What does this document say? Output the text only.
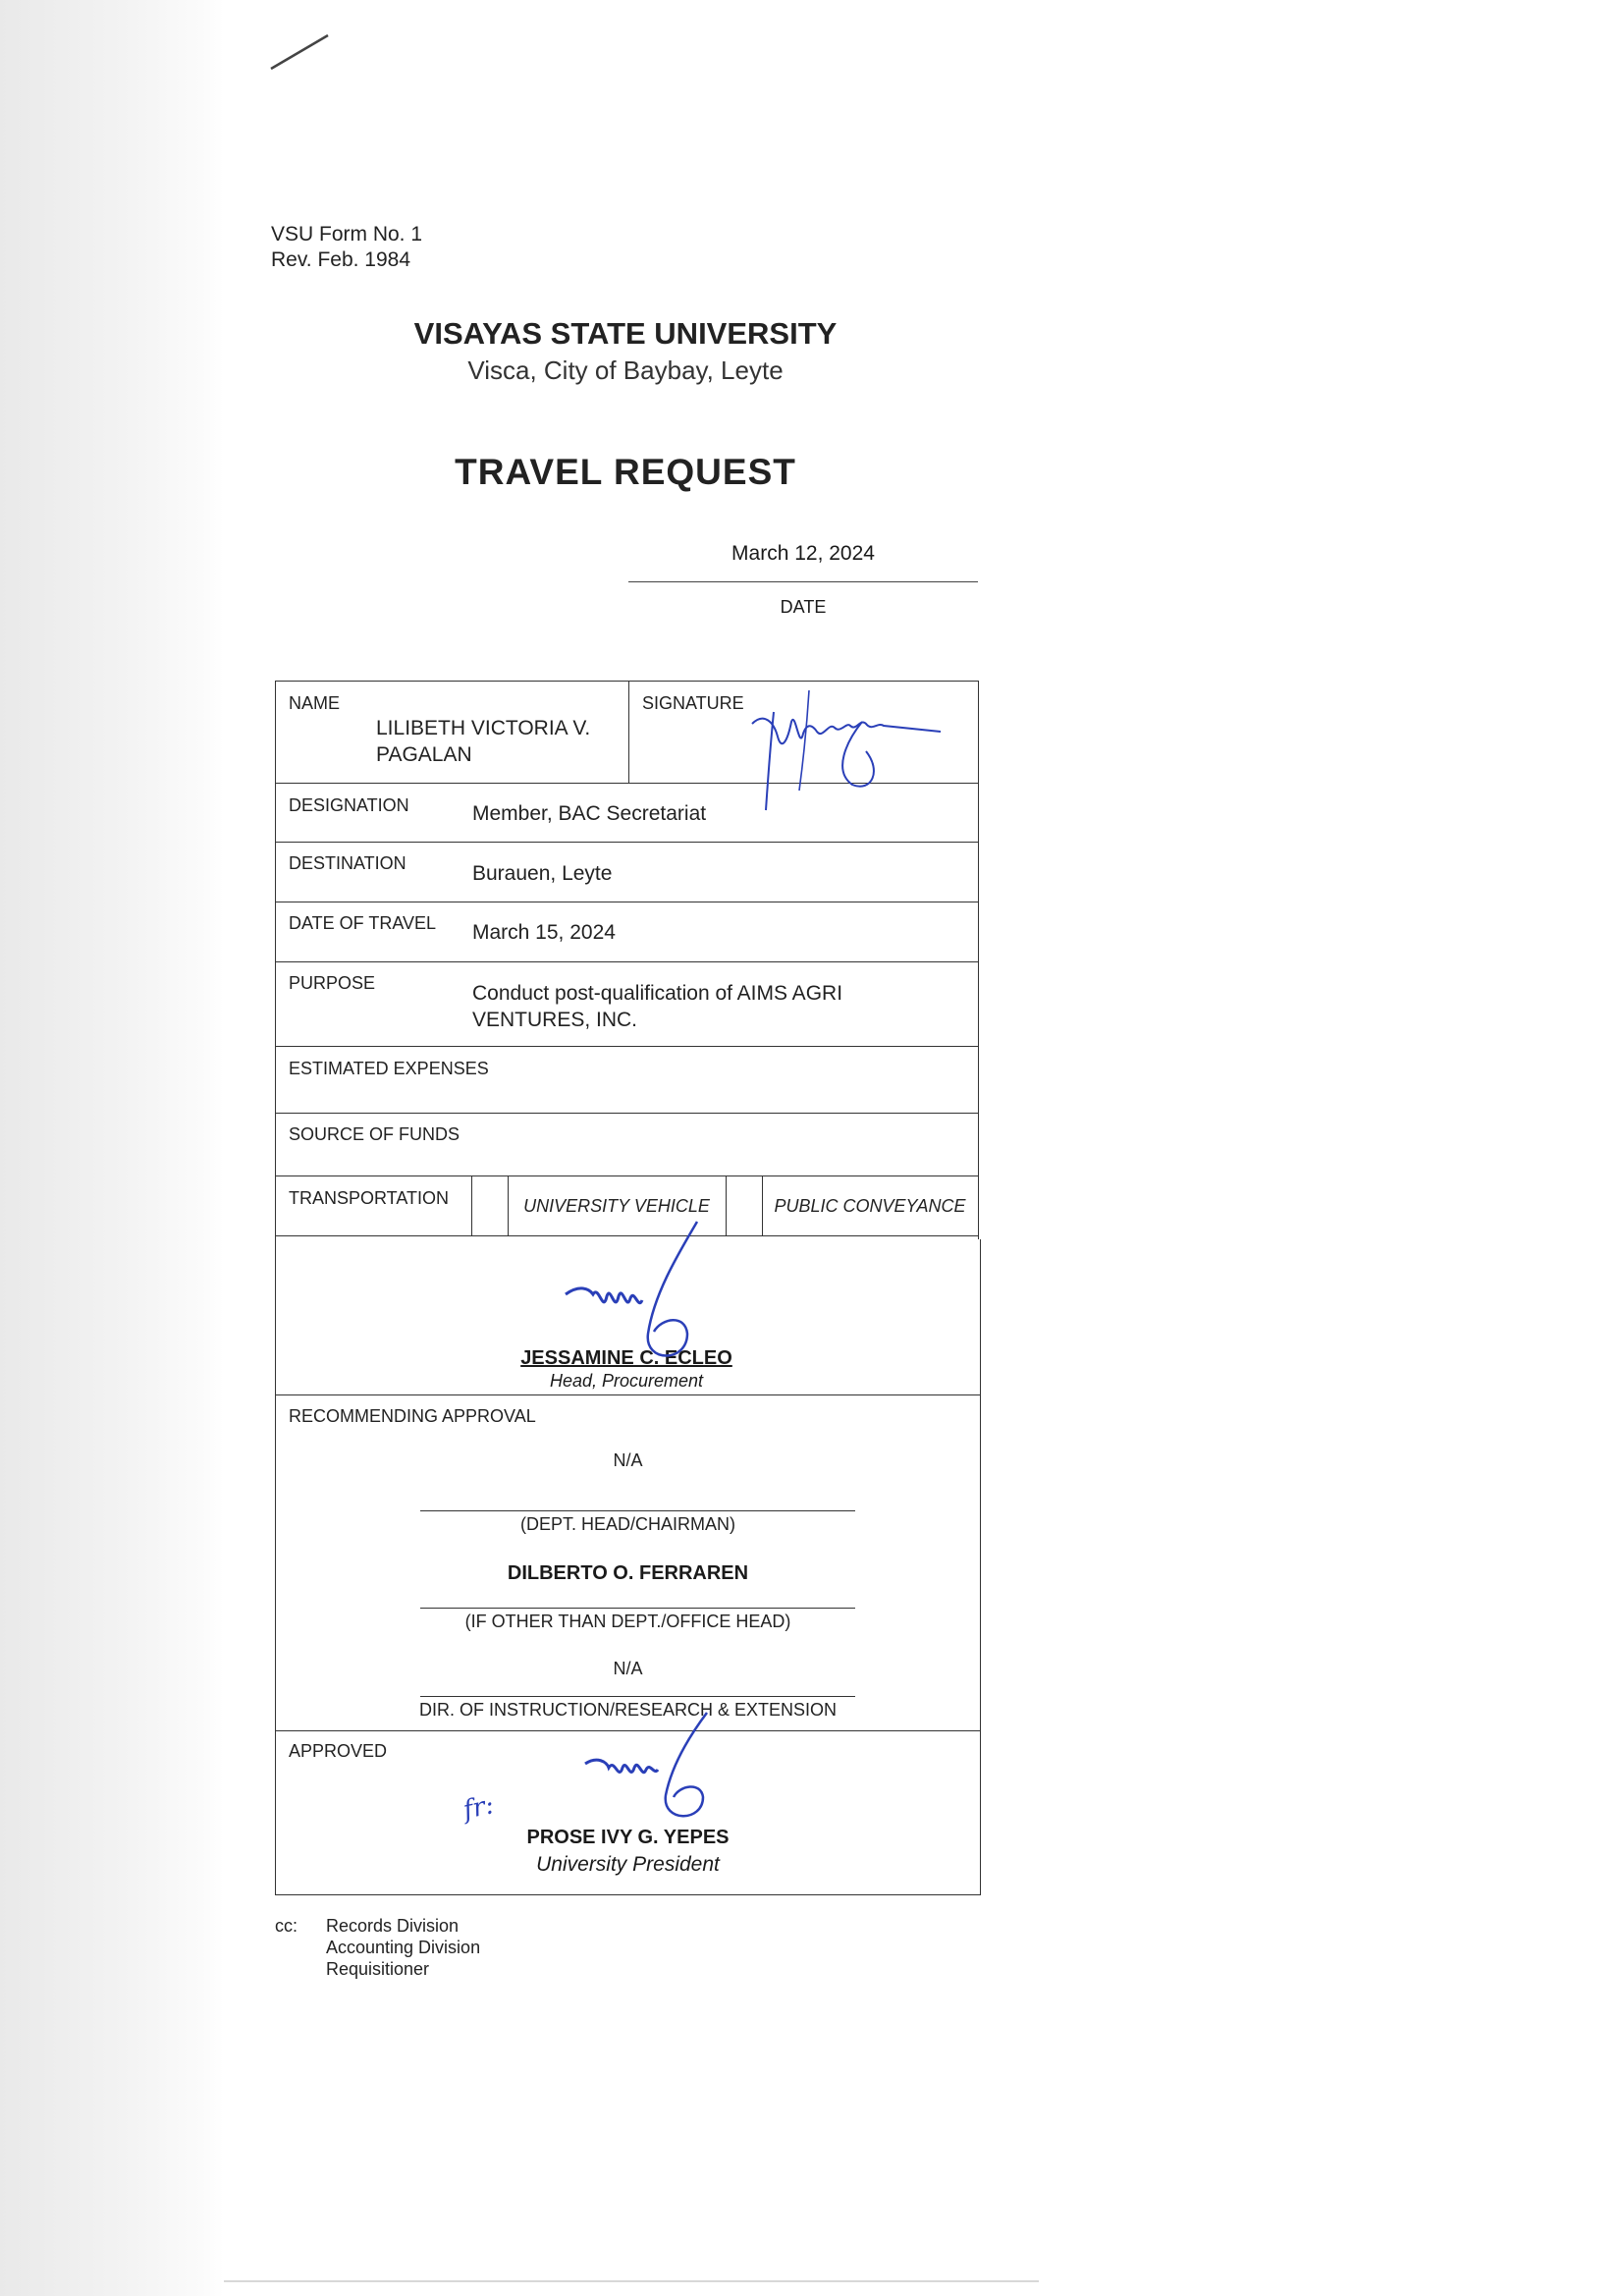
VSU Form No. 1
Rev. Feb. 1984
VISAYAS STATE UNIVERSITY
Visca, City of Baybay, Leyte
TRAVEL REQUEST
March 12, 2024
DATE
NAME
LILIBETH VICTORIA V.
PAGALAN
SIGNATURE
DESIGNATION	Member, BAC Secretariat
DESTINATION	Burauen, Leyte
DATE OF TRAVEL March 15, 2024
PURPOSE	Conduct post-qualification of AIMS AGRI
VENTURES, INC.
ESTIMATED EXPENSES
SOURCE OF FUNDS
TRANSPORTATION	UNIVERSITY VEHICLE	PUBLIC CONVEYANCE
JESSAMINE C. ECLEO
Head, Procurement
RECOMMENDING APPROVAL
N/A
(DEPT. HEAD/CHAIRMAN)
DILBERTO O. FERRAREN
(IF OTHER THAN DEPT./OFFICE HEAD)
N/A
DIR. OF INSTRUCTION/RESEARCH & EXTENSION
APPROVED
fr:
PROSE IVY G. YEPES
University President
cc: Records Division
Accounting Division
Requisitioner
